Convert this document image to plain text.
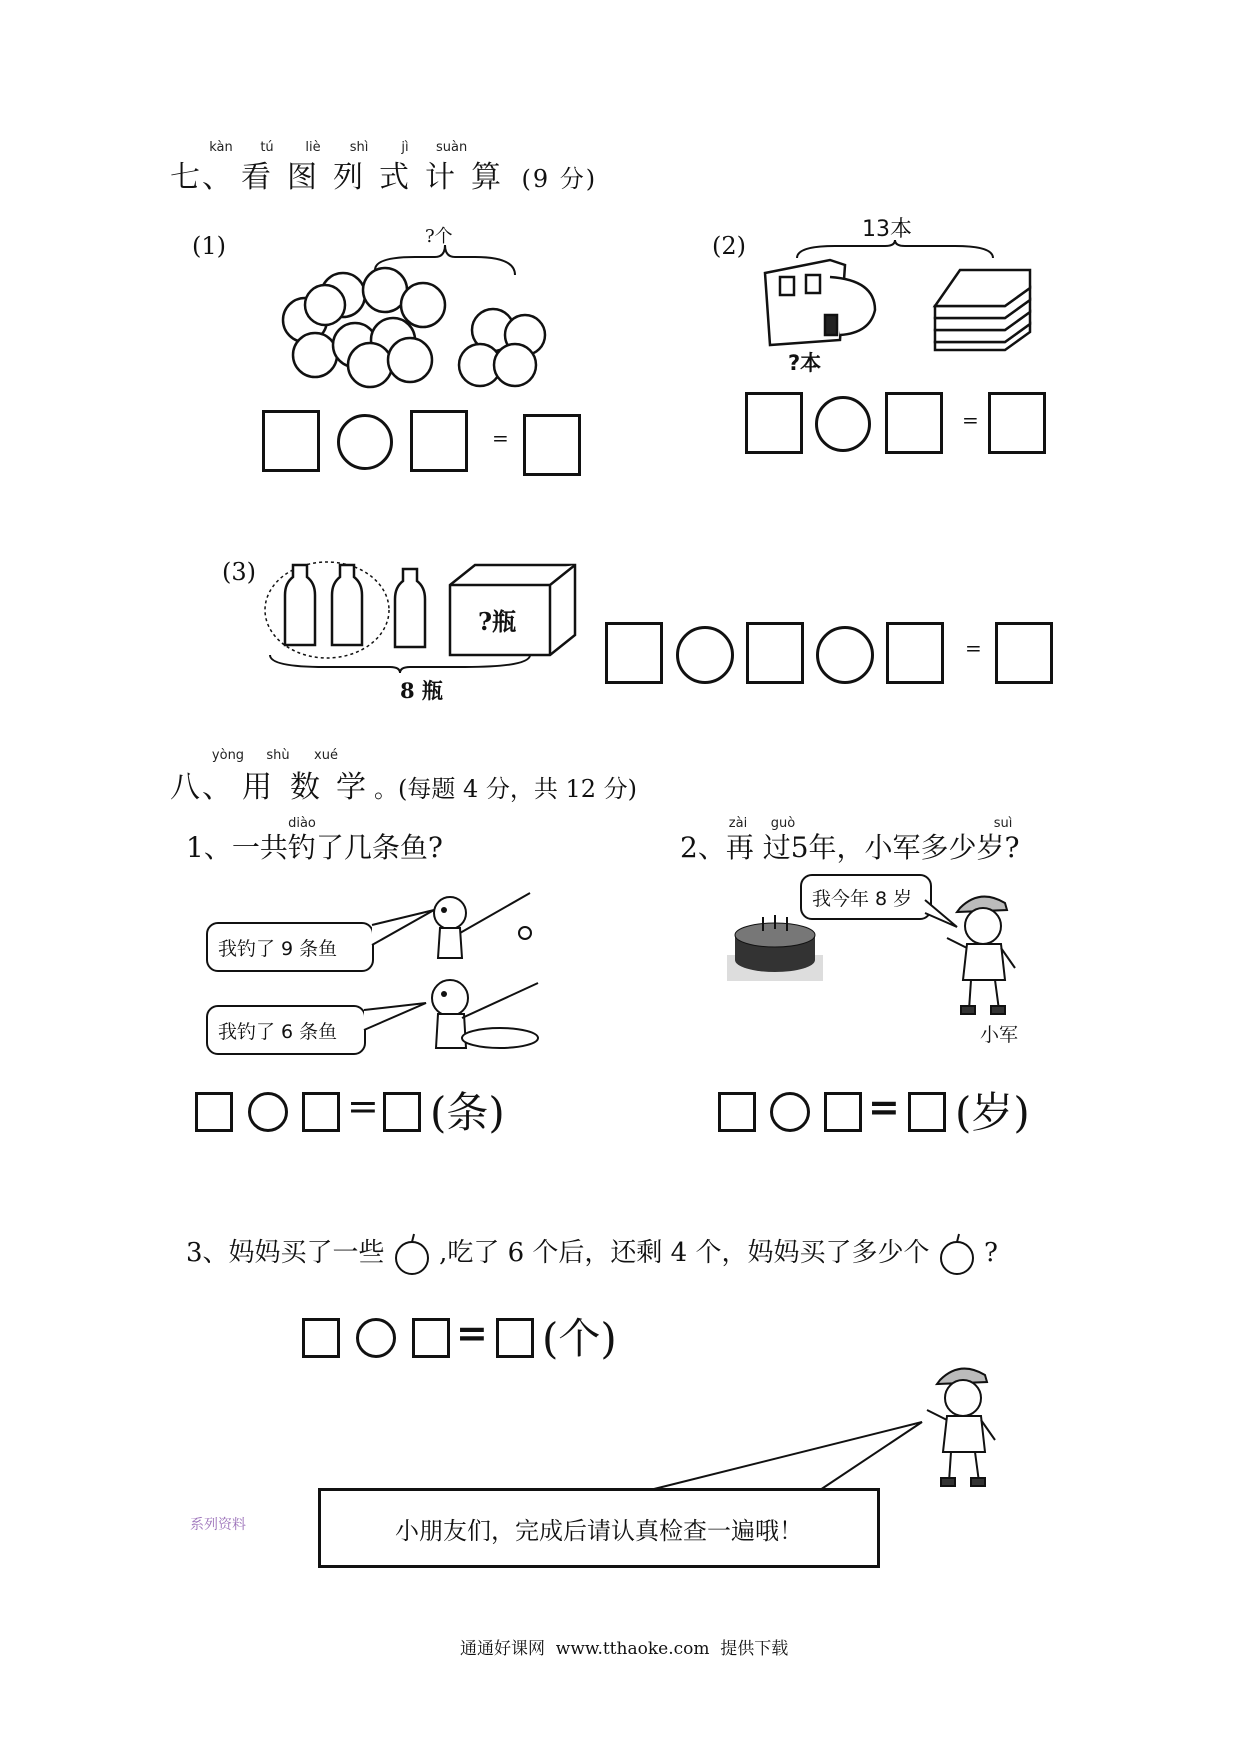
kàn	tú	liè	shì	jì	suàn
七、 看 图 列 式 计 算 (9 分)
(1)	?个
=
(2)
13本
?本
=
(3)
?瓶
8 瓶
=
yòng	shù	xué
八、 用 数 学 。(每题 4 分，共 12 分)
diào
1、一共钓了几条鱼?
我钓了 9 条鱼
我钓了 6 条鱼
= (条)
zài	guò	suì
2、再 过5年，小军多少岁?
我今年 8 岁
小军
= (岁)
3、妈妈买了一些 ,吃了 6 个后，还剩 4 个，妈妈买了多少个 ?
= (个)
小朋友们，完成后请认真检查一遍哦！
系列资料
通通好课网  www.tthaoke.com  提供下载
